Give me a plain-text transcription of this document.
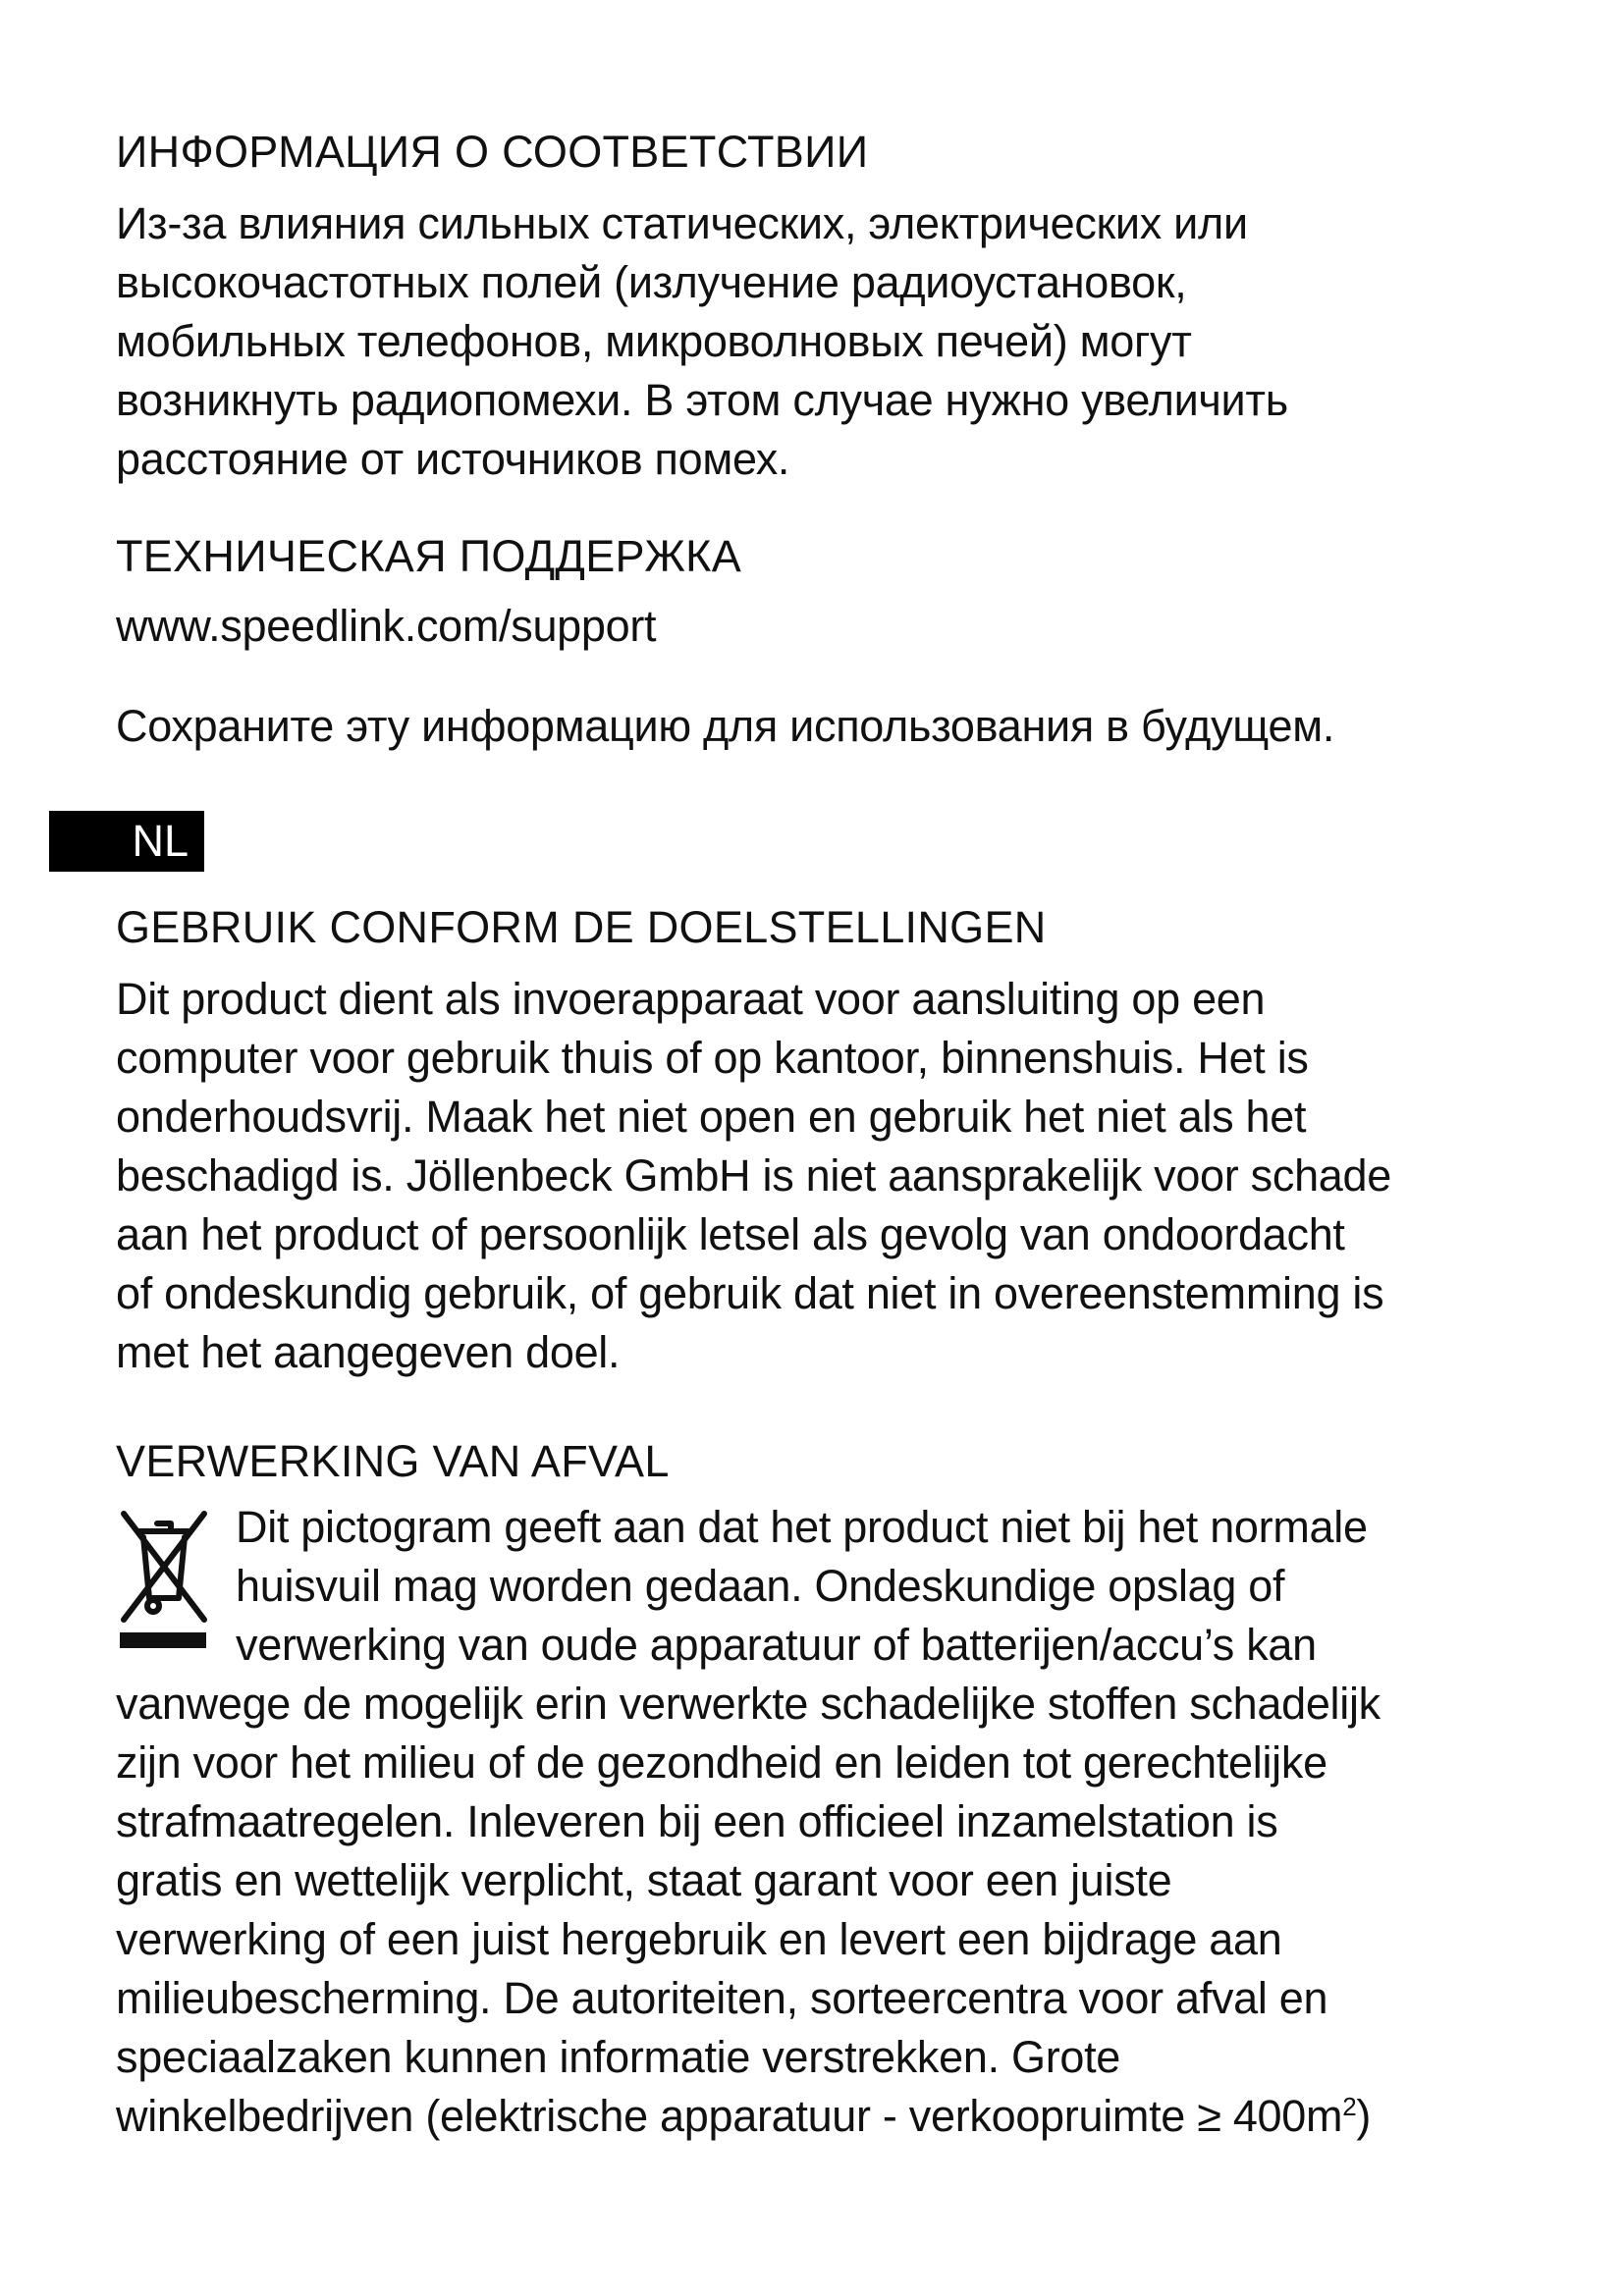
ИНФОРМАЦИЯ О СООТВЕТСТВИИ

Из-за влияния сильных статических, электрических или
высокочастотных полей (излучение радиоустановок,
мобильных телефонов, микроволновых печей) могут
возникнуть радиопомехи. В этом случае нужно увеличить
расстояние от источников помех.

ТЕХНИЧЕСКАЯ ПОДДЕРЖКА

www.speedlink.com/support

Сохраните эту информацию для использования в будущем.

NL
GEBRUIK CONFORM DE DOELSTELLINGEN

Dit product dient als invoerapparaat voor aansluiting op een
computer voor gebruik thuis of op kantoor, binnenshuis. Het is
onderhoudsvrij. Maak het niet open en gebruik het niet als het
beschadigd is. Jöllenbeck GmbH is niet aansprakelijk voor schade
aan het product of persoonlijk letsel als gevolg van ondoordacht
of ondeskundig gebruik, of gebruik dat niet in overeenstemming is
met het aangegeven doel.

VERWERKING VAN AFVAL

Dit pictogram geeft aan dat het product niet bij het normale
huisvuil mag worden gedaan. Ondeskundige opslag of
verwerking van oude apparatuur of batterijen/accu’s kan
vanwege de mogelijk erin verwerkte schadelijke stoffen schadelijk
zijn voor het milieu of de gezondheid en leiden tot gerechtelijke
strafmaatregelen. Inleveren bij een officieel inzamelstation is
gratis en wettelijk verplicht, staat garant voor een juiste
verwerking of een juist hergebruik en levert een bijdrage aan
milieubescherming. De autoriteiten, sorteercentra voor afval en
speciaalzaken kunnen informatie verstrekken. Grote
winkelbedrijven (elektrische apparatuur - verkoopruimte ≥ $400m^2$)
